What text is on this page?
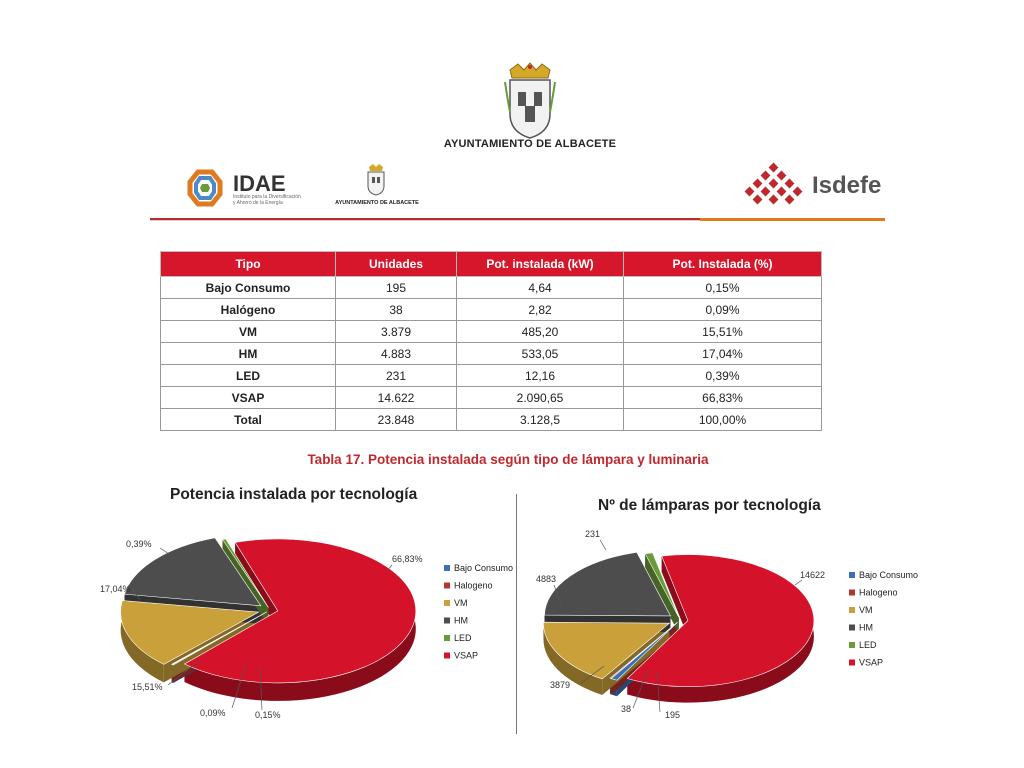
AYUNTAMIENTO DE ALBACETE
IDAE
Instituto para la Diversificación y Ahorro de la Energía	AYUNTAMIENTO DE ALBACETE
Isdefe
Tipo	Unidades	Pot. instalada (kW)	Pot. Instalada (%)
Bajo Consumo	195	4,64	0,15%
Halógeno	38	2,82	0,09%
VM	3.879	485,20	15,51%
HM	4.883	533,05	17,04%
LED	231	12,16	0,39%
VSAP	14.622	2.090,65	66,83%
Total	23.848	3.128,5	100,00%
Tabla 17. Potencia instalada según tipo de lámpara y luminaria
Potencia instalada por tecnología
Nº de lámparas por tecnología
0,15%
0,09%
15,51%
17,04%
0,39%
66,83%
Bajo Consumo
Halogeno
VM
HM
LED
VSAP
195
38
3879
4883
231
14622	Bajo Consumo
Halogeno
VM
HM
LED
VSAP
